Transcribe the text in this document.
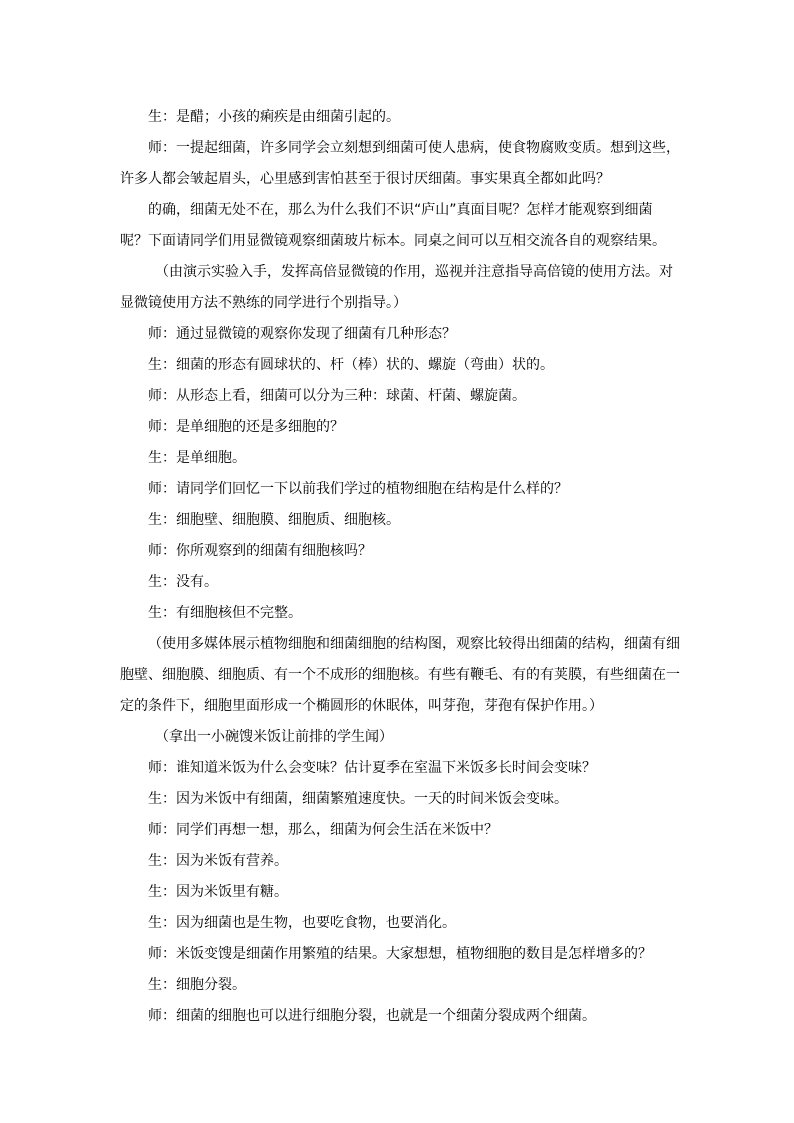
生：是醋；小孩的痢疾是由细菌引起的。

师：一提起细菌，许多同学会立刻想到细菌可使人患病，使食物腐败变质。想到这些，许多人都会皱起眉头，心里感到害怕甚至于很讨厌细菌。事实果真全都如此吗？

的确，细菌无处不在，那么为什么我们不识“庐山”真面目呢？怎样才能观察到细菌呢？下面请同学们用显微镜观察细菌玻片标本。同桌之间可以互相交流各自的观察结果。

（由演示实验入手，发挥高倍显微镜的作用，巡视并注意指导高倍镜的使用方法。对显微镜使用方法不熟练的同学进行个别指导。）

师：通过显微镜的观察你发现了细菌有几种形态？

生：细菌的形态有圆球状的、杆（棒）状的、螺旋（弯曲）状的。

师：从形态上看，细菌可以分为三种：球菌、杆菌、螺旋菌。

师：是单细胞的还是多细胞的？

生：是单细胞。

师：请同学们回忆一下以前我们学过的植物细胞在结构是什么样的？

生：细胞壁、细胞膜、细胞质、细胞核。

师：你所观察到的细菌有细胞核吗？

生：没有。

生：有细胞核但不完整。

（使用多媒体展示植物细胞和细菌细胞的结构图，观察比较得出细菌的结构，细菌有细胞壁、细胞膜、细胞质、有一个不成形的细胞核。有些有鞭毛、有的有荚膜，有些细菌在一定的条件下，细胞里面形成一个椭圆形的休眠体，叫芽孢，芽孢有保护作用。）

（拿出一小碗馊米饭让前排的学生闻）

师：谁知道米饭为什么会变味？估计夏季在室温下米饭多长时间会变味？

生：因为米饭中有细菌，细菌繁殖速度快。一天的时间米饭会变味。

师：同学们再想一想，那么，细菌为何会生活在米饭中？

生：因为米饭有营养。

生：因为米饭里有糖。

生：因为细菌也是生物，也要吃食物，也要消化。

师：米饭变馊是细菌作用繁殖的结果。大家想想，植物细胞的数目是怎样增多的？

生：细胞分裂。

师：细菌的细胞也可以进行细胞分裂，也就是一个细菌分裂成两个细菌。
